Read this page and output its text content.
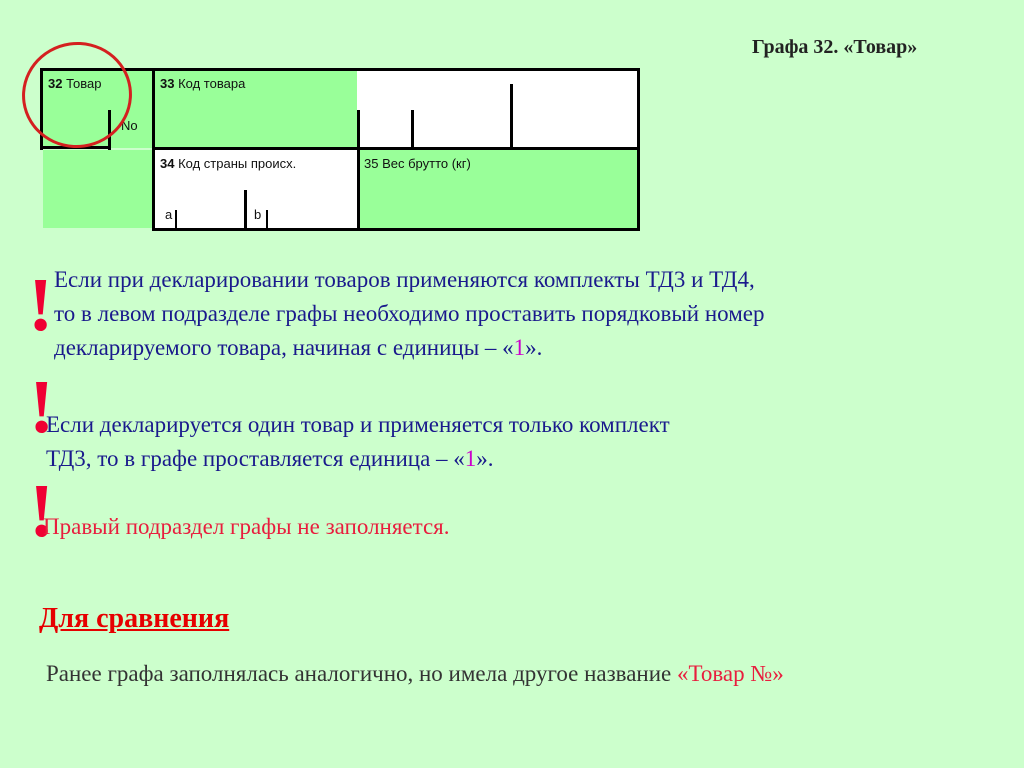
Графа 32. «Товар»
32 Товар
No
33 Код товара
34 Код страны происх.
a	b
35 Вес брутто (кг)
! Если при декларировании товаров применяются комплекты ТД3 и ТД4,
то в левом подразделе графы необходимо проставить порядковый номер
декларируемого товара, начиная с единицы – «1».
!
Если декларируется один товар и применяется только комплект
ТД3, то в графе проставляется единица – «1».
!
Правый подраздел графы не заполняется.
Для сравнения
Ранее графа заполнялась аналогично, но имела другое название «Товар №»
